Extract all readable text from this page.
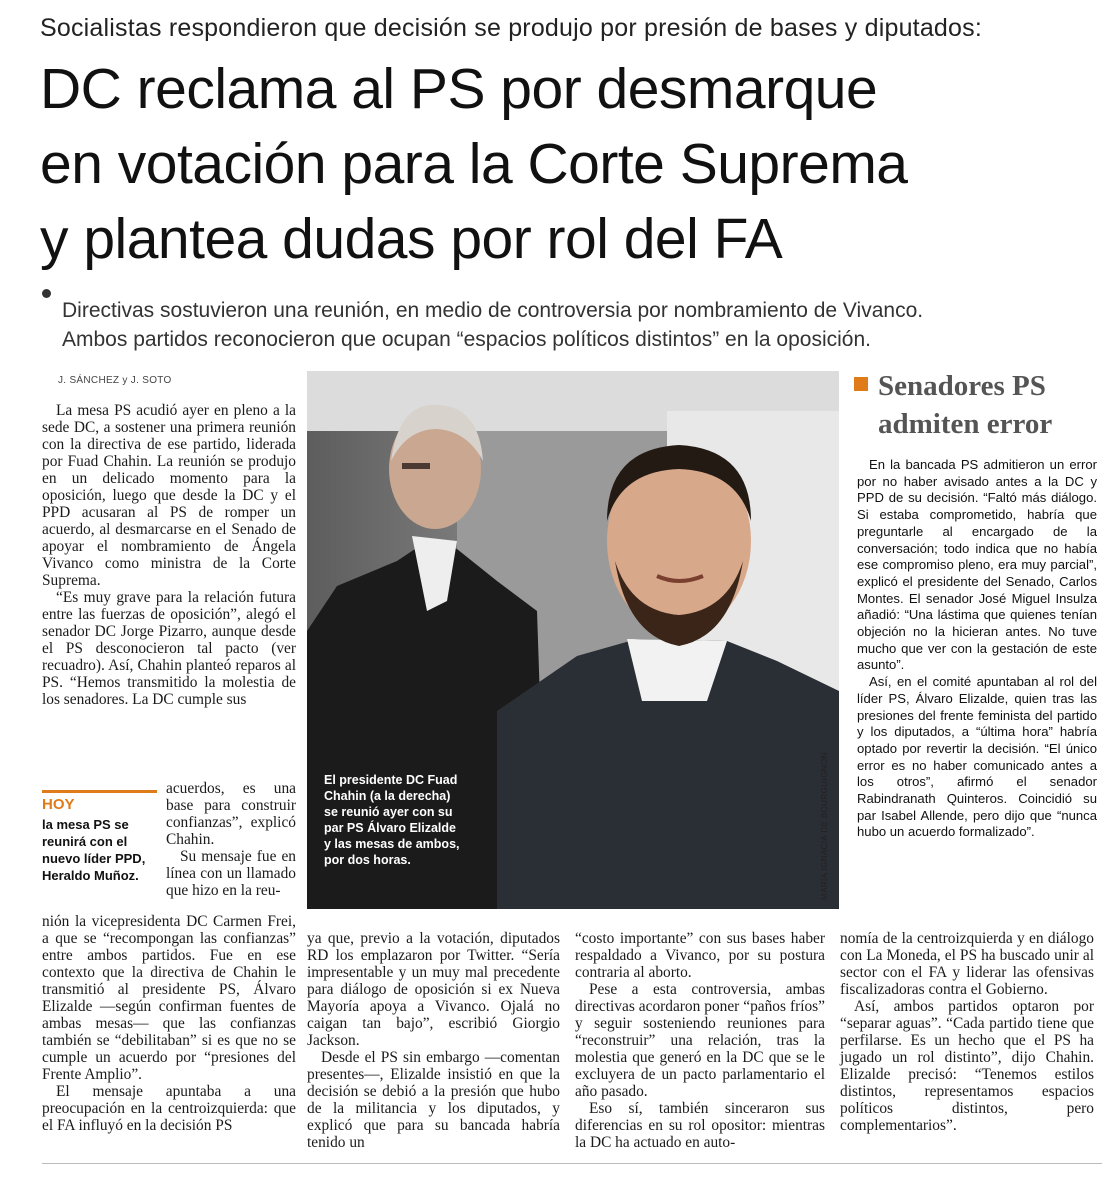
Socialistas respondieron que decisión se produjo por presión de bases y diputados:
DC reclama al PS por desmarque
en votación para la Corte Suprema
y plantea dudas por rol del FA
Directivas sostuvieron una reunión, en medio de controversia por nombramiento de Vivanco.
Ambos partidos reconocieron que ocupan “espacios políticos distintos” en la oposición.
J. SÁNCHEZ y J. SOTO

La mesa PS acudió ayer en pleno a la sede DC, a sostener una primera reunión con la directiva de ese partido, liderada por Fuad Chahin. La reunión se produjo en un delicado momento para la oposición, luego que desde la DC y el PPD acusaran al PS de romper un acuerdo, al desmarcarse en el Senado de apoyar el nombramiento de Ángela Vivanco como ministra de la Corte Suprema.

“Es muy grave para la relación futura entre las fuerzas de oposición”, alegó el senador DC Jorge Pizarro, aunque desde el PS desconocieron tal pacto (ver recuadro). Así, Chahin planteó reparos al PS. “Hemos transmitido la molestia de los senadores. La DC cumple sus

HOY
la mesa PS se reunirá con el nuevo líder PPD, Heraldo Muñoz.

acuerdos, es una base para construir confianzas”, explicó Chahin.

Su mensaje fue en línea con un llamado que hizo en la reu-

nión la vicepresidenta DC Carmen Frei, a que se “recompongan las confianzas” entre ambos partidos. Fue en ese contexto que la directiva de Chahin le transmitió al presidente PS, Álvaro Elizalde —según confirman fuentes de ambas mesas— que las confianzas también se “debilitaban” si es que no se cumple un acuerdo por “presiones del Frente Amplio”.

El mensaje apuntaba a una preocupación en la centroizquierda: que el FA influyó en la decisión PS

El presidente DC Fuad Chahin (a la derecha) se reunió ayer con su par PS Álvaro Elizalde y las mesas de ambos, por dos horas.	MARÍA IGNACIA DE BOURGUIGNON
Senadores PS
admiten error

En la bancada PS admitieron un error por no haber avisado antes a la DC y PPD de su decisión. “Faltó más diálogo. Si estaba comprometido, habría que preguntarle al encargado de la conversación; todo indica que no había ese compromiso pleno, era muy parcial”, explicó el presidente del Senado, Carlos Montes. El senador José Miguel Insulza añadió: “Una lástima que quienes tenían objeción no la hicieran antes. No tuve mucho que ver con la gestación de este asunto”.

Así, en el comité apuntaban al rol del líder PS, Álvaro Elizalde, quien tras las presiones del frente feminista del partido y los diputados, a “última hora” habría optado por revertir la decisión. “El único error es no haber comunicado antes a los otros”, afirmó el senador Rabindranath Quinteros. Coincidió su par Isabel Allende, pero dijo que “nunca hubo un acuerdo formalizado”.

ya que, previo a la votación, diputados RD los emplazaron por Twitter. “Sería impresentable y un muy mal precedente para diálogo de oposición si ex Nueva Mayoría apoya a Vivanco. Ojalá no caigan tan bajo”, escribió Giorgio Jackson.

Desde el PS sin embargo —comentan presentes—, Elizalde insistió en que la decisión se debió a la presión que hubo de la militancia y los diputados, y explicó que para su bancada habría tenido un

“costo importante” con sus bases haber respaldado a Vivanco, por su postura contraria al aborto.

Pese a esta controversia, ambas directivas acordaron poner “paños fríos” y seguir sosteniendo reuniones para “reconstruir” una relación, tras la molestia que generó en la DC que se le excluyera de un pacto parlamentario el año pasado.

Eso sí, también sinceraron sus diferencias en su rol opositor: mientras la DC ha actuado en auto-

nomía de la centroizquierda y en diálogo con La Moneda, el PS ha buscado unir al sector con el FA y liderar las ofensivas fiscalizadoras contra el Gobierno.

Así, ambos partidos optaron por “separar aguas”. “Cada partido tiene que perfilarse. Es un hecho que el PS ha jugado un rol distinto”, dijo Chahin. Elizalde precisó: “Tenemos estilos distintos, representamos espacios políticos distintos, pero complementarios”.
